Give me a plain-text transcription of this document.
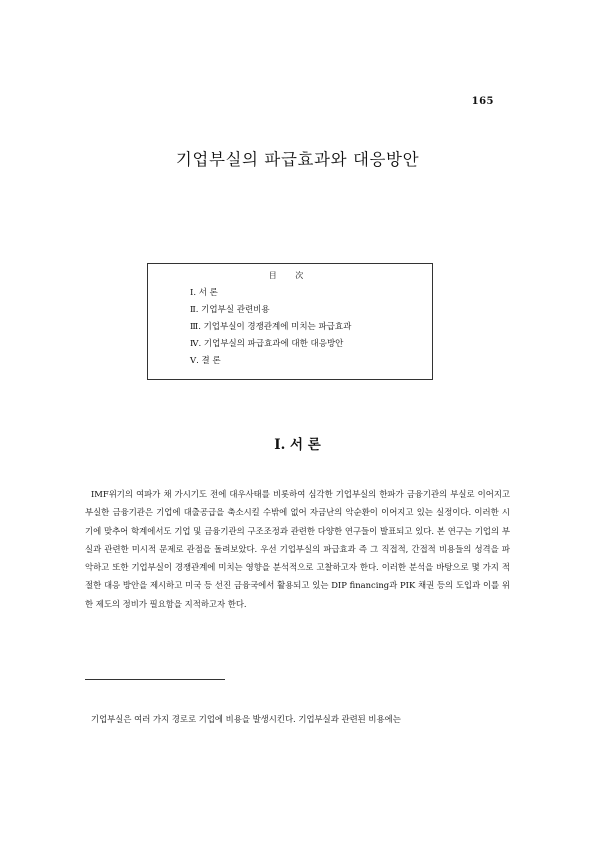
165
기업부실의 파급효과와 대응방안
目 次
Ⅰ. 서 론
Ⅱ. 기업부실 관련비용
Ⅲ. 기업부실이 경쟁관계에 미치는 파급효과
Ⅳ. 기업부실의 파급효과에 대한 대응방안
Ⅴ. 결 론
Ⅰ. 서 론

IMF위기의 여파가 채 가시기도 전에 대우사태를 비롯하여 심각한 기업부실의 한파가 금융기관의 부실로 이어지고 부실한 금융기관은 기업에 대출공급을 축소시킬 수밖에 없어 자금난의 악순환이 이어지고 있는 실정이다. 이러한 시기에 맞추어 학계에서도 기업 및 금융기관의 구조조정과 관련한 다양한 연구들이 발표되고 있다. 본 연구는 기업의 부실과 관련한 미시적 문제로 관점을 돌려보았다. 우선 기업부실의 파급효과 즉 그 직접적, 간접적 비용들의 성격을 파악하고 또한 기업부실이 경쟁관계에 미치는 영향을 분석적으로 고찰하고자 한다. 이러한 분석을 바탕으로 몇 가지 적절한 대응 방안을 제시하고 미국 등 선진 금융국에서 활용되고 있는 DIP financing과 PIK 채권 등의 도입과 이를 위한 제도의 정비가 필요함을 지적하고자 한다.

기업부실은 여러 가지 경로로 기업에 비용을 발생시킨다. 기업부실과 관련된 비용에는
